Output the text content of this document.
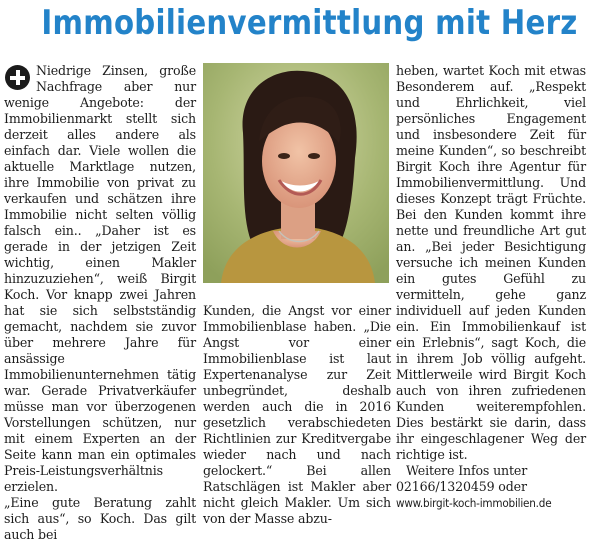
Immobilienvermittlung mit Herz
Niedrige Zinsen, große Nachfrage aber nur wenige Angebote: der Immobilienmarkt stellt sich derzeit alles andere als einfach dar. Viele wollen die aktuelle Marktlage nutzen, ihre Immobilie von privat zu verkaufen und schätzen ihre Immobilie nicht selten völlig falsch ein.. „Daher ist es gerade in der jetzigen Zeit wichtig, einen Makler hinzuzuziehen“, weiß Birgit Koch. Vor knapp zwei Jahren hat sie sich selbstständig gemacht, nachdem sie zuvor über mehrere Jahre für ansässige Immobilienunternehmen tätig war. Gerade Privatverkäufer müsse man vor überzogenen Vorstellungen schützen, nur mit einem Experten an der Seite kann man ein optimales Preis-Leistungsverhältnis erzielen.
„Eine gute Beratung zahlt sich aus“, so Koch. Das gilt auch bei
Kunden, die Angst vor einer Immobilienblase haben. „Die Angst vor einer Immobilienblase ist laut Expertenanalyse zur Zeit unbegründet, deshalb werden auch die in 2016 gesetzlich verabschiedeten Richtlinien zur Kreditvergabe wieder nach und nach gelockert.“ Bei allen Ratschlägen ist Makler aber nicht gleich Makler. Um sich von der Masse abzu-
heben, wartet Koch mit etwas Besonderem auf. „Respekt und Ehrlichkeit, viel persönliches Engagement und insbesondere Zeit für meine Kunden“, so beschreibt Birgit Koch ihre Agentur für Immobilienvermittlung. Und dieses Konzept trägt Früchte. Bei den Kunden kommt ihre nette und freundliche Art gut an. „Bei jeder Besichtigung versuche ich meinen Kunden ein gutes Gefühl zu vermitteln, gehe ganz individuell auf jeden Kunden ein. Ein Immobilienkauf ist ein Erlebnis“, sagt Koch, die in ihrem Job völlig aufgeht. Mittlerweile wird Birgit Koch auch von ihren zufriedenen Kunden weiterempfohlen. Dies bestärkt sie darin, dass ihr eingeschlagener Weg der richtige ist.
Weitere Infos unter
02166/1320459 oder
www.birgit-koch-immobilien.de
